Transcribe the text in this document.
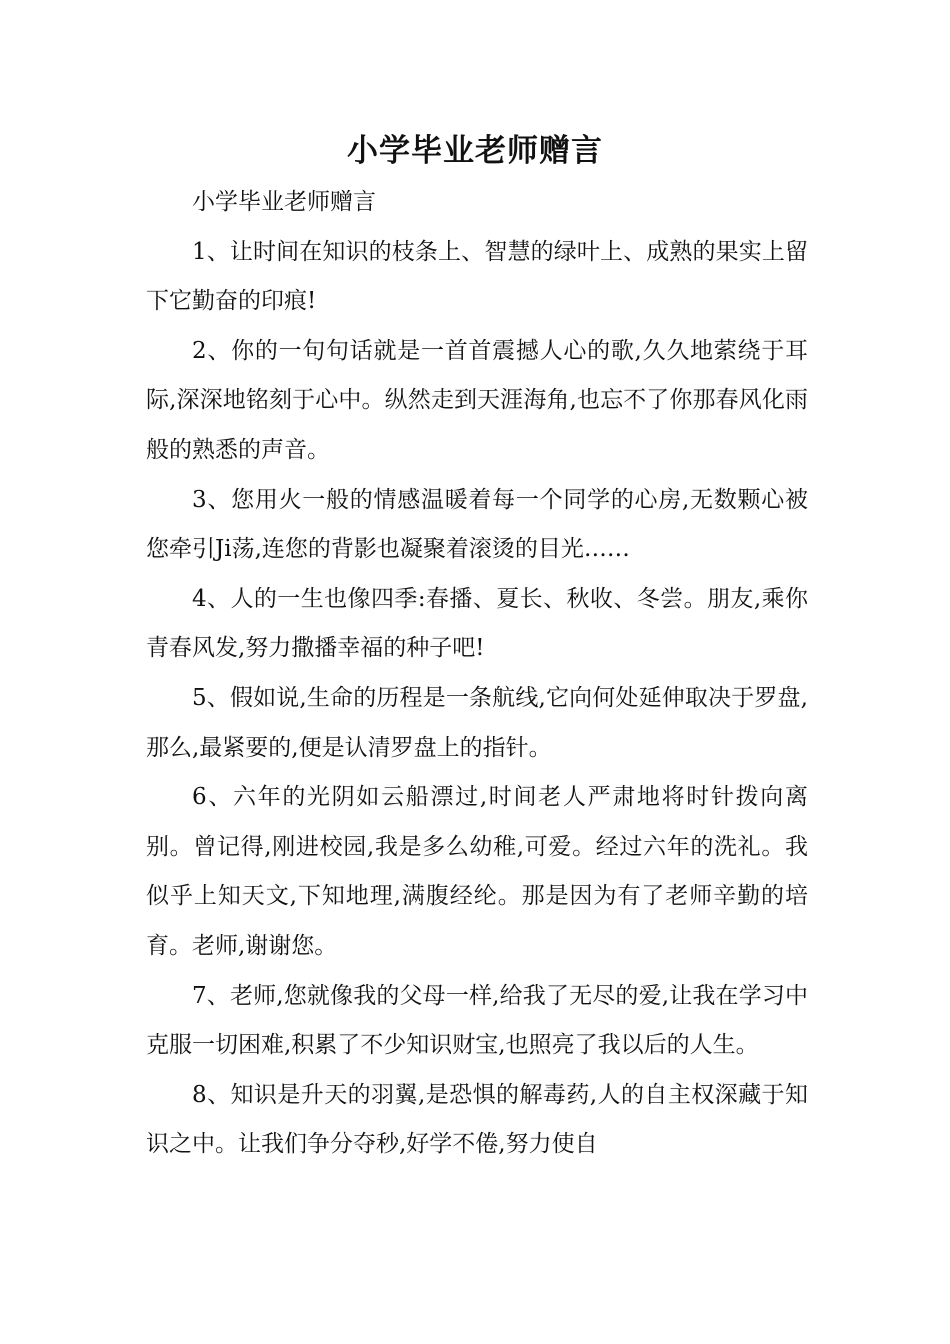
小学毕业老师赠言

小学毕业老师赠言

1、让时间在知识的枝条上、智慧的绿叶上、成熟的果实上留下它勤奋的印痕!

2、你的一句句话就是一首首震撼人心的歌,久久地萦绕于耳际,深深地铭刻于心中。纵然走到天涯海角,也忘不了你那春风化雨般的熟悉的声音。

3、您用火一般的情感温暖着每一个同学的心房,无数颗心被您牵引Ji荡,连您的背影也凝聚着滚烫的目光……

4、人的一生也像四季:春播、夏长、秋收、冬尝。朋友,乘你青春风发,努力撒播幸福的种子吧!

5、假如说,生命的历程是一条航线,它向何处延伸取决于罗盘,那么,最紧要的,便是认清罗盘上的指针。

6、六年的光阴如云船漂过,时间老人严肃地将时针拨向离别。曾记得,刚进校园,我是多么幼稚,可爱。经过六年的洗礼。我似乎上知天文,下知地理,满腹经纶。那是因为有了老师辛勤的培育。老师,谢谢您。

7、老师,您就像我的父母一样,给我了无尽的爱,让我在学习中克服一切困难,积累了不少知识财宝,也照亮了我以后的人生。

8、知识是升天的羽翼,是恐惧的解毒药,人的自主权深藏于知识之中。让我们争分夺秒,好学不倦,努力使自
